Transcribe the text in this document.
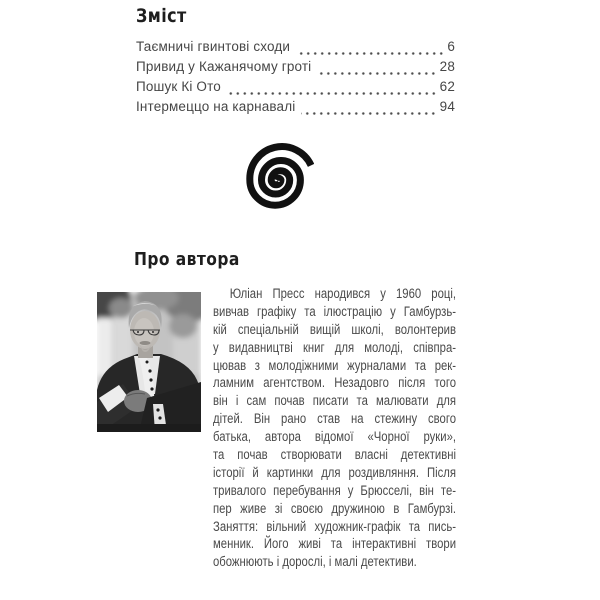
Зміст
Таємничі гвинтові сходи	6
Привид у Кажанячому гроті	28
Пошук Кі Ото	62
Інтермеццо на карнавалі	94
Про автора
Юліан Пресс народився у 1960 році,
вивчав графіку та ілюстрацію у Гамбурзь-
кій спеціальній вищій школі, волонтерив
у видавництві книг для молоді, співпра-
цював з молодіжними журналами та рек-
ламним агентством. Незадовго після того
він і сам почав писати та малювати для
дітей. Він рано став на стежину свого
батька, автора відомої «Чорної руки»,
та почав створювати власні детективні
історії й картинки для роздивляння. Після
тривалого перебування у Брюсселі, він те-
пер живе зі своєю дружиною в Гамбурзі.
Заняття: вільний художник-графік та пись-
менник. Його живі та інтерактивні твори
обожнюють і дорослі, і малі детективи.
